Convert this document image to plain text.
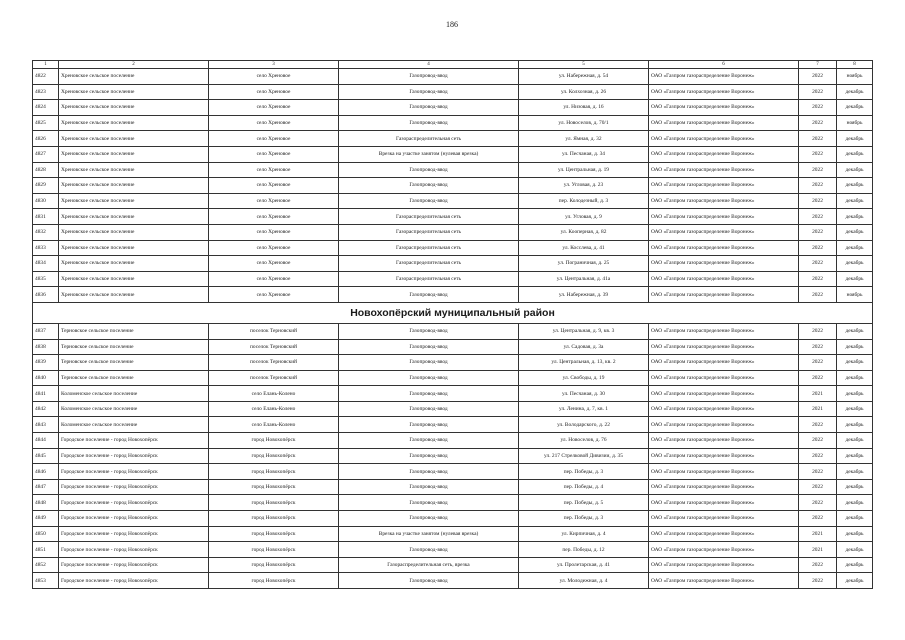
186
1	2	3	4	5	6	7	8
4822	Хреновское сельское поселение	село Хреновое	Газопровод-ввод	ул. Набережная, д. 54	ОАО «Газпром газораспределение Воронеж»	2022	ноябрь
4823	Хреновское сельское поселение	село Хреновое	Газопровод-ввод	ул. Колхозная, д. 26	ОАО «Газпром газораспределение Воронеж»	2022	декабрь
4824	Хреновское сельское поселение	село Хреновое	Газопровод-ввод	ул. Низовая, д. 16	ОАО «Газпром газораспределение Воронеж»	2022	декабрь
4825	Хреновское сельское поселение	село Хреновое	Газопровод-ввод	ул. Новоселов, д. 70/1	ОАО «Газпром газораспределение Воронеж»	2022	ноябрь
4826	Хреновское сельское поселение	село Хреновое	Газораспределительная сеть	ул. Ямная, д. 32	ОАО «Газпром газораспределение Воронеж»	2022	декабрь
4827	Хреновское сельское поселение	село Хреновое	Врезка на участке занятом (нулевая врезка)	ул. Песчаная, д. 34	ОАО «Газпром газораспределение Воронеж»	2022	декабрь
4828	Хреновское сельское поселение	село Хреновое	Газопровод-ввод	ул. Центральная, д. 19	ОАО «Газпром газораспределение Воронеж»	2022	декабрь
4829	Хреновское сельское поселение	село Хреновое	Газопровод-ввод	ул. Угловая, д. 23	ОАО «Газпром газораспределение Воронеж»	2022	декабрь
4830	Хреновское сельское поселение	село Хреновое	Газопровод-ввод	пер. Колодезный, д. 3	ОАО «Газпром газораспределение Воронеж»	2022	декабрь
4831	Хреновское сельское поселение	село Хреновое	Газораспределительная сеть	ул. Угловая, д. 9	ОАО «Газпром газораспределение Воронеж»	2022	декабрь
4832	Хреновское сельское поселение	село Хреновое	Газораспределительная сеть	ул. Кооперная, д. 82	ОАО «Газпром газораспределение Воронеж»	2022	декабрь
4833	Хреновское сельское поселение	село Хреновое	Газораспределительная сеть	ул. Косслева, д. 41	ОАО «Газпром газораспределение Воронеж»	2022	декабрь
4834	Хреновское сельское поселение	село Хреновое	Газораспределительная сеть	ул. Пограничная, д. 25	ОАО «Газпром газораспределение Воронеж»	2022	декабрь
4835	Хреновское сельское поселение	село Хреновое	Газораспределительная сеть	ул. Центральная, д. 41а	ОАО «Газпром газораспределение Воронеж»	2022	декабрь
4836	Хреновское сельское поселение	село Хреновое	Газопровод-ввод	ул. Набережная, д. 39	ОАО «Газпром газораспределение Воронеж»	2022	ноябрь
Новохопёрский муниципальный район							
4837	Терновское сельское поселение	поселок Терновский	Газопровод-ввод	ул. Центральная, д. 9, кв. 3	ОАО «Газпром газораспределение Воронеж»	2022	декабрь
4838	Терновское сельское поселение	поселок Терновский	Газопровод-ввод	ул. Садовая, д. 3а	ОАО «Газпром газораспределение Воронеж»	2022	декабрь
4839	Терновское сельское поселение	поселок Терновский	Газопровод-ввод	ул. Центральная, д. 13, кв. 2	ОАО «Газпром газораспределение Воронеж»	2022	декабрь
4840	Терновское сельское поселение	поселок Терновский	Газопровод-ввод	ул. Свободы, д. 19	ОАО «Газпром газораспределение Воронеж»	2022	декабрь
4841	Коломенское сельское поселение	село Елань-Колено	Газопровод-ввод	ул. Песчаная, д. 30	ОАО «Газпром газораспределение Воронеж»	2021	декабрь
4842	Коломенское сельское поселение	село Елань-Колено	Газопровод-ввод	ул. Ленина, д. 7, кв. 1	ОАО «Газпром газораспределение Воронеж»	2021	декабрь
4843	Коломенское сельское поселение	село Елань-Колено	Газопровод-ввод	ул. Володарского, д. 22	ОАО «Газпром газораспределение Воронеж»	2022	декабрь
4844	Городское поселение - город Новохопёрск	город Новохопёрск	Газопровод-ввод	ул. Новоселов, д. 76	ОАО «Газпром газораспределение Воронеж»	2022	декабрь
4845	Городское поселение - город Новохопёрск	город Новохопёрск	Газопровод-ввод	ул. 217 Стрелковой Дивизии, д. 35	ОАО «Газпром газораспределение Воронеж»	2022	декабрь
4846	Городское поселение - город Новохопёрск	город Новохопёрск	Газопровод-ввод	пер. Победы, д. 3	ОАО «Газпром газораспределение Воронеж»	2022	декабрь
4847	Городское поселение - город Новохопёрск	город Новохопёрск	Газопровод-ввод	пер. Победы, д. 4	ОАО «Газпром газораспределение Воронеж»	2022	декабрь
4848	Городское поселение - город Новохопёрск	город Новохопёрск	Газопровод-ввод	пер. Победы, д. 5	ОАО «Газпром газораспределение Воронеж»	2022	декабрь
4849	Городское поселение - город Новохопёрск	город Новохопёрск	Газопровод-ввод	пер. Победы, д. 3	ОАО «Газпром газораспределение Воронеж»	2022	декабрь
4850	Городское поселение - город Новохопёрск	город Новохопёрск	Врезка на участке занятом (нулевая врезка)	ул. Кирпичная, д. 4	ОАО «Газпром газораспределение Воронеж»	2021	декабрь
4851	Городское поселение - город Новохопёрск	город Новохопёрск	Газопровод-ввод	пер. Победы, д. 12	ОАО «Газпром газораспределение Воронеж»	2021	декабрь
4852	Городское поселение - город Новохопёрск	город Новохопёрск	Газораспределительная сеть, врезка	ул. Пролетарская, д. 41	ОАО «Газпром газораспределение Воронеж»	2022	декабрь
4853	Городское поселение - город Новохопёрск	город Новохопёрск	Газопровод-ввод	ул. Молодежная, д. 4	ОАО «Газпром газораспределение Воронеж»	2022	декабрь
